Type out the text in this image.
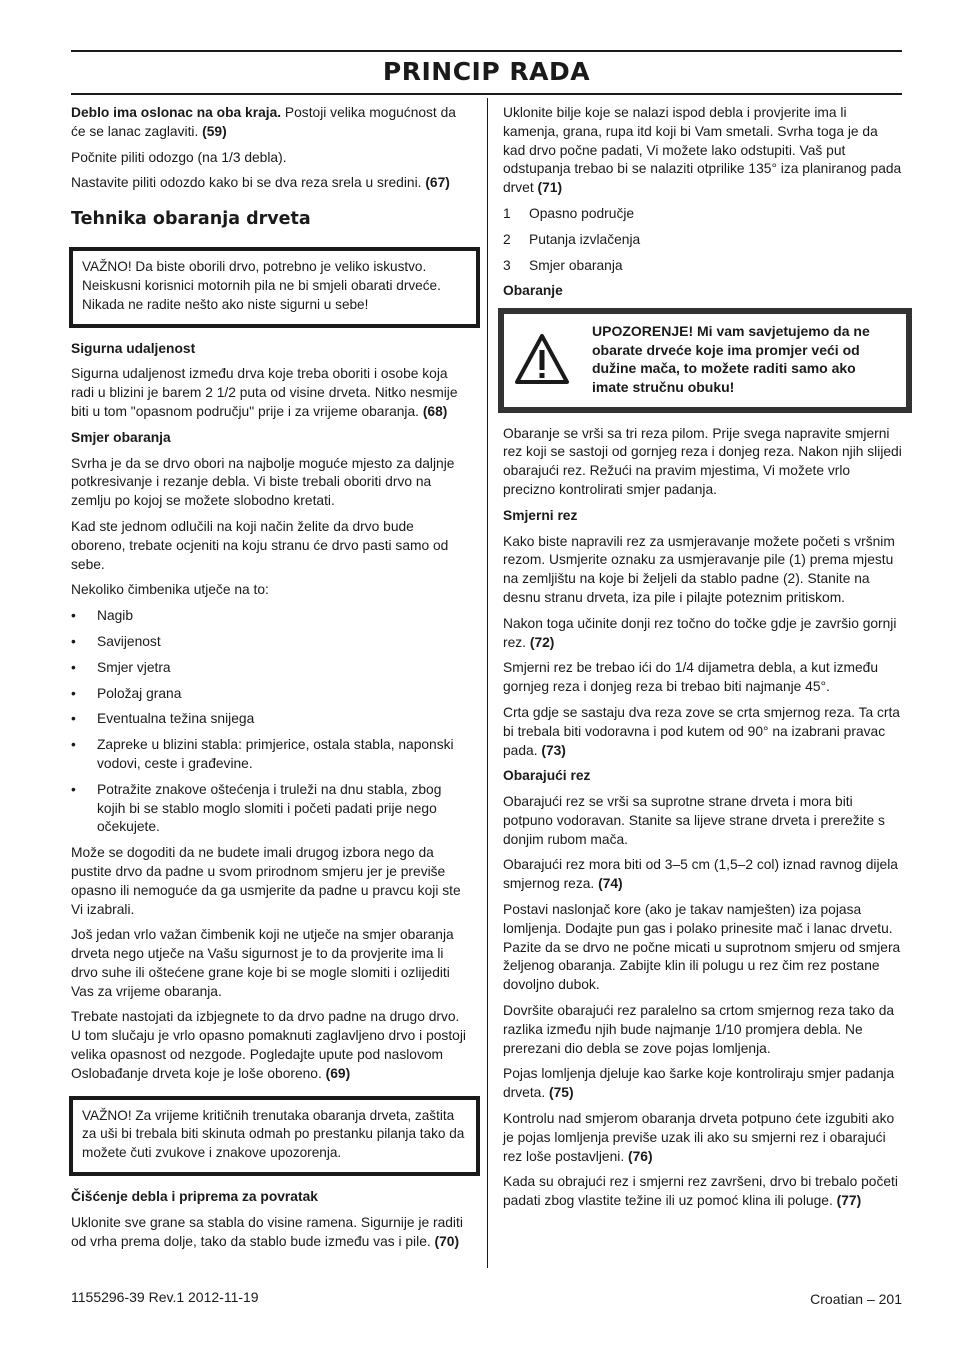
PRINCIP RADA

Deblo ima oslonac na oba kraja. Postoji velika mogućnost da će se lanac zaglaviti. (59)

Počnite piliti odozgo (na 1/3 debla).

Nastavite piliti odozdo kako bi se dva reza srela u sredini. (67)

Tehnika obaranja drveta
VAŽNO! Da biste oborili drvo, potrebno je veliko iskustvo. Neiskusni korisnici motornih pila ne bi smjeli obarati drveće. Nikada ne radite nešto ako niste sigurni u sebe!
Sigurna udaljenost

Sigurna udaljenost između drva koje treba oboriti i osobe koja radi u blizini je barem 2 1/2 puta od visine drveta. Nitko nesmije biti u tom "opasnom području" prije i za vrijeme obaranja. (68)

Smjer obaranja

Svrha je da se drvo obori na najbolje moguće mjesto za daljnje potkresivanje i rezanje debla. Vi biste trebali oboriti drvo na zemlju po kojoj se možete slobodno kretati.

Kad ste jednom odlučili na koji način želite da drvo bude oboreno, trebate ocjeniti na koju stranu će drvo pasti samo od sebe.

Nekoliko čimbenika utječe na to:

• Nagib
• Savijenost
• Smjer vjetra
• Položaj grana
• Eventualna težina snijega
• Zapreke u blizini stabla: primjerice, ostala stabla, naponski vodovi, ceste i građevine.
• Potražite znakove oštećenja i truleži na dnu stabla, zbog kojih bi se stablo moglo slomiti i početi padati prije nego očekujete.

Može se dogoditi da ne budete imali drugog izbora nego da pustite drvo da padne u svom prirodnom smjeru jer je previše opasno ili nemoguće da ga usmjerite da padne u pravcu koji ste Vi izabrali.

Još jedan vrlo važan čimbenik koji ne utječe na smjer obaranja drveta nego utječe na Vašu sigurnost je to da provjerite ima li drvo suhe ili oštećene grane koje bi se mogle slomiti i ozlijediti Vas za vrijeme obaranja.

Trebate nastojati da izbjegnete to da drvo padne na drugo drvo. U tom slučaju je vrlo opasno pomaknuti zaglavljeno drvo i postoji velika opasnost od nezgode. Pogledajte upute pod naslovom Oslobađanje drveta koje je loše oboreno. (69)

VAŽNO! Za vrijeme kritičnih trenutaka obaranja drveta, zaštita za uši bi trebala biti skinuta odmah po prestanku pilanja tako da možete čuti zvukove i znakove upozorenja.
Čišćenje debla i priprema za povratak

Uklonite sve grane sa stabla do visine ramena. Sigurnije je raditi od vrha prema dolje, tako da stablo bude između vas i pile. (70)

Uklonite bilje koje se nalazi ispod debla i provjerite ima li kamenja, grana, rupa itd koji bi Vam smetali. Svrha toga je da kad drvo počne padati, Vi možete lako odstupiti. Vaš put odstupanja trebao bi se nalaziti otprilike 135° iza planiranog pada drvet (71)

1 Opasno područje
2 Putanja izvlačenja
3 Smjer obaranja
Obaranje
UPOZORENJE! Mi vam savjetujemo da ne obarate drveće koje ima promjer veći od dužine mača, to možete raditi samo ako imate stručnu obuku!

Obaranje se vrši sa tri reza pilom. Prije svega napravite smjerni rez koji se sastoji od gornjeg reza i donjeg reza. Nakon njih slijedi obarajući rez. Režući na pravim mjestima, Vi možete vrlo precizno kontrolirati smjer padanja.

Smjerni rez

Kako biste napravili rez za usmjeravanje možete početi s vršnim rezom. Usmjerite oznaku za usmjeravanje pile (1) prema mjestu na zemljištu na koje bi željeli da stablo padne (2). Stanite na desnu stranu drveta, iza pile i pilajte poteznim pritiskom.

Nakon toga učinite donji rez točno do točke gdje je završio gornji rez. (72)

Smjerni rez be trebao ići do 1/4 dijametra debla, a kut između gornjeg reza i donjeg reza bi trebao biti najmanje 45°.

Crta gdje se sastaju dva reza zove se crta smjernog reza. Ta crta bi trebala biti vodoravna i pod kutem od 90° na izabrani pravac pada. (73)

Obarajući rez

Obarajući rez se vrši sa suprotne strane drveta i mora biti potpuno vodoravan. Stanite sa lijeve strane drveta i prerežite s donjim rubom mača.

Obarajući rez mora biti od 3–5 cm (1,5–2 col) iznad ravnog dijela smjernog reza. (74)

Postavi naslonjač kore (ako je takav namješten) iza pojasa lomljenja. Dodajte pun gas i polako prinesite mač i lanac drvetu. Pazite da se drvo ne počne micati u suprotnom smjeru od smjera željenog obaranja. Zabijte klin ili polugu u rez čim rez postane dovoljno dubok.

Dovršite obarajući rez paralelno sa crtom smjernog reza tako da razlika između njih bude najmanje 1/10 promjera debla. Ne prerezani dio debla se zove pojas lomljenja.

Pojas lomljenja djeluje kao šarke koje kontroliraju smjer padanja drveta. (75)

Kontrolu nad smjerom obaranja drveta potpuno ćete izgubiti ako je pojas lomljenja previše uzak ili ako su smjerni rez i obarajući rez loše postavljeni. (76)

Kada su obrajući rez i smjerni rez završeni, drvo bi trebalo početi padati zbog vlastite težine ili uz pomoć klina ili poluge. (77)

1155296-39 Rev.1 2012-11-19	Croatian – 201
